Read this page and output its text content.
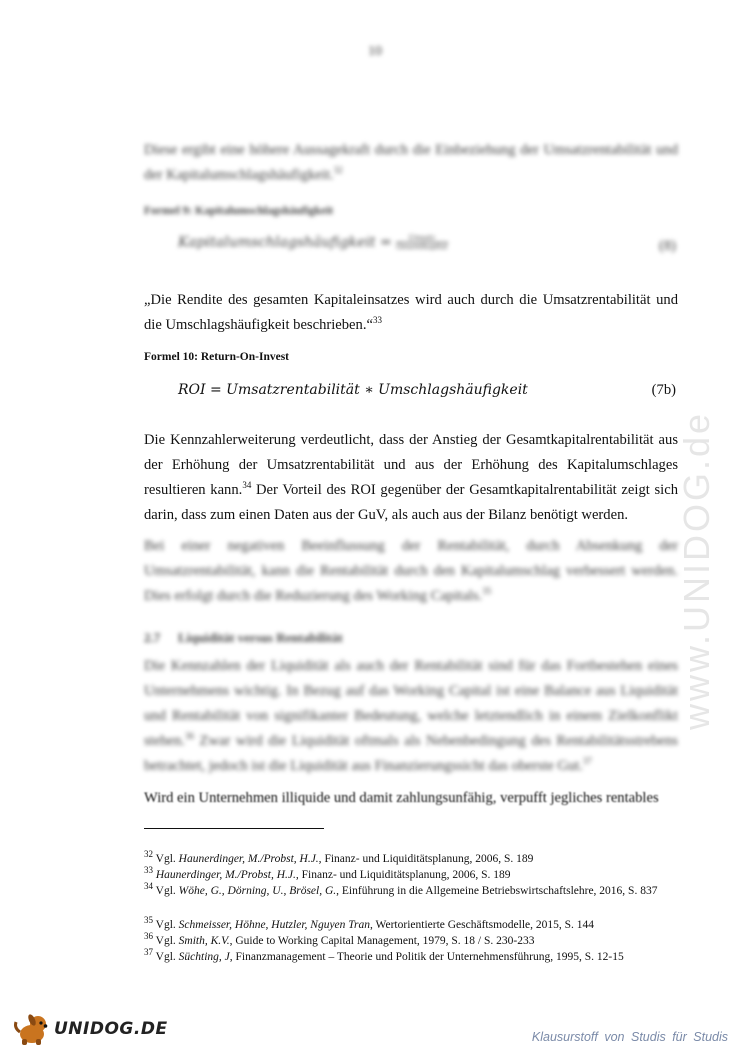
10
Diese ergibt eine höhere Aussagekraft durch die Einbeziehung der Umsatzrentabilität und der Kapitalumschlagshäufigkeit.$^{32}$
Formel 9: Kapitalumschlagshäufigkeit
Kapitalumschlagshäufigkeit = $\frac{\text{Umsatz}}{\text{Gesamtkapital}}$	(8)
„Die Rendite des gesamten Kapitaleinsatzes wird auch durch die Umsatzrentabilität und die Umschlagshäufigkeit beschrieben.“$^{33}$
Formel 10: Return-On-Invest
ROI = Umsatzrentabilität ∗ Umschlagshäufigkeit	(7b)
Die Kennzahlerweiterung verdeutlicht, dass der Anstieg der Gesamtkapitalrentabilität aus der Erhöhung der Umsatzrentabilität und aus der Erhöhung des Kapitalumschlages resultieren kann.$^{34}$ Der Vorteil des ROI gegenüber der Gesamtkapitalrentabilität zeigt sich darin, dass zum einen Daten aus der GuV, als auch aus der Bilanz benötigt werden.
Bei einer negativen Beeinflussung der Rentabilität, durch Absenkung der Umsatzrentabilität, kann die Rentabilität durch den Kapitalumschlag verbessert werden. Dies erfolgt durch die Reduzierung des Working Capitals.$^{35}$
2.7 Liquidität versus Rentabilität
Die Kennzahlen der Liquidität als auch der Rentabilität sind für das Fortbestehen eines Unternehmens wichtig. In Bezug auf das Working Capital ist eine Balance aus Liquidität und Rentabilität von signifikanter Bedeutung, welche letztendlich in einem Zielkonflikt stehen.$^{36}$ Zwar wird die Liquidität oftmals als Nebenbedingung des Rentabilitätsstrebens betrachtet, jedoch ist die Liquidität aus Finanzierungssicht das oberste Gut.$^{37}$
Wird ein Unternehmen illiquide und damit zahlungsunfähig, verpufft jegliches rentables
$^{32}$ Vgl. Haunerdinger, M./Probst, H.J., Finanz- und Liquiditätsplanung, 2006, S. 189
$^{33}$ Haunerdinger, M./Probst, H.J., Finanz- und Liquiditätsplanung, 2006, S. 189
$^{34}$ Vgl. Wöhe, G., Dörning, U., Brösel, G., Einführung in die Allgemeine Betriebswirtschaftslehre, 2016, S. 837
$^{35}$ Vgl. Schmeisser, Höhne, Hutzler, Nguyen Tran, Wertorientierte Geschäftsmodelle, 2015, S. 144
$^{36}$ Vgl. Smith, K.V., Guide to Working Capital Management, 1979, S. 18 / S. 230-233
$^{37}$ Vgl. Süchting, J, Finanzmanagement – Theorie und Politik der Unternehmensführung, 1995, S. 12-15
www.UNIDOG.de
UNIDOG.DE	Klausurstoff von Studis für Studis
